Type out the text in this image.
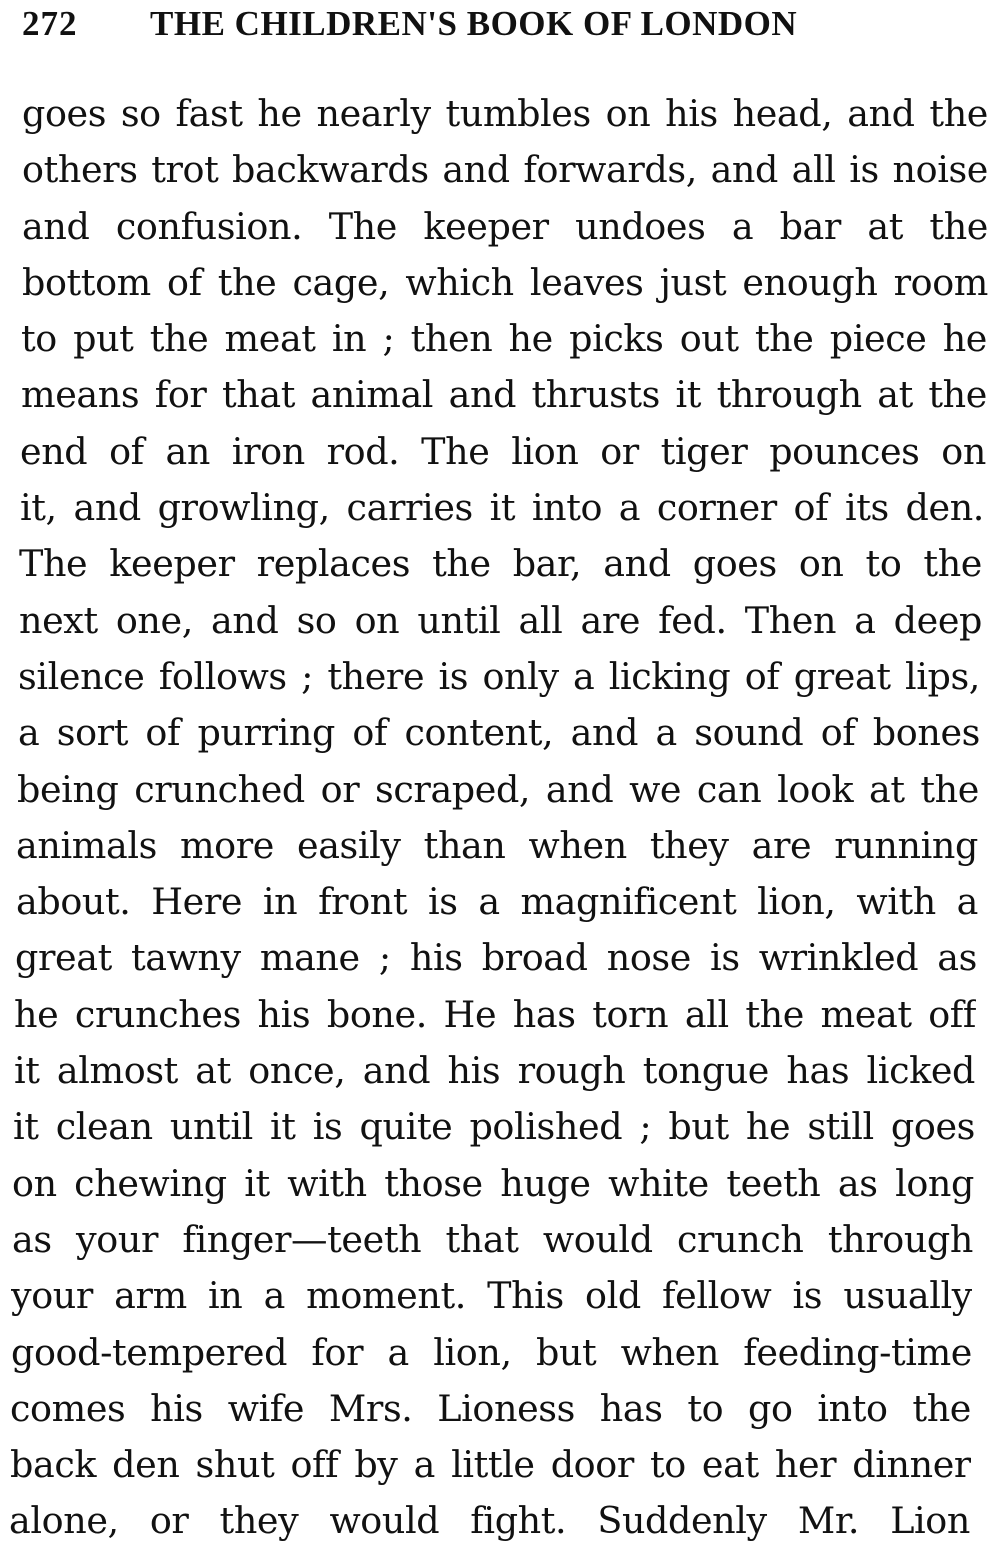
272 THE CHILDREN'S BOOK OF LONDON
goes so fast he nearly tumbles on his head, and the
others trot backwards and forwards, and all is noise
and confusion. The keeper undoes a bar at the
bottom of the cage, which leaves just enough room
to put the meat in ; then he picks out the piece he
means for that animal and thrusts it through at the
end of an iron rod. The lion or tiger pounces on
it, and growling, carries it into a corner of its den.
The keeper replaces the bar, and goes on to the
next one, and so on until all are fed. Then a deep
silence follows ; there is only a licking of great lips,
a sort of purring of content, and a sound of bones
being crunched or scraped, and we can look at the
animals more easily than when they are running
about. Here in front is a magnificent lion, with a
great tawny mane ; his broad nose is wrinkled as
he crunches his bone. He has torn all the meat off
it almost at once, and his rough tongue has licked
it clean until it is quite polished ; but he still goes
on chewing it with those huge white teeth as long
as your finger—teeth that would crunch through
your arm in a moment. This old fellow is usually
good-tempered for a lion, but when feeding-time
comes his wife Mrs. Lioness has to go into the
back den shut off by a little door to eat her dinner
alone, or they would fight. Suddenly Mr. Lion
